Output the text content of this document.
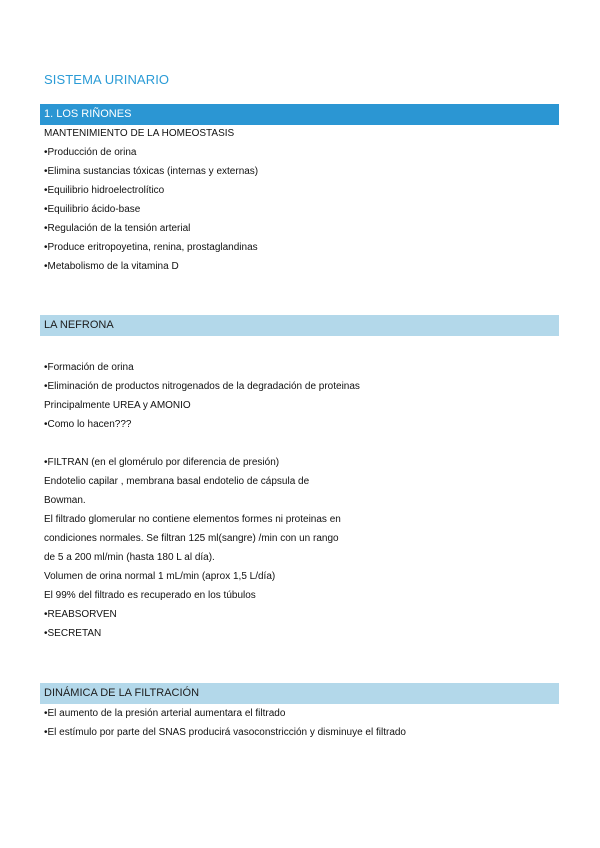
SISTEMA URINARIO
1. LOS RIÑONES
MANTENIMIENTO DE LA HOMEOSTASIS
•Producción de orina
•Elimina sustancias tóxicas (internas y externas)
•Equilibrio hidroelectrolítico
•Equilibrio ácido-base
•Regulación de la tensión arterial
•Produce eritropoyetina, renina, prostaglandinas
•Metabolismo de la vitamina D
LA NEFRONA
•Formación de orina
•Eliminación de productos nitrogenados de la degradación de proteinas
Principalmente UREA y AMONIO
•Como lo hacen???
•FILTRAN (en el glomérulo por diferencia de presión)
Endotelio capilar , membrana basal endotelio de cápsula de
Bowman.
El filtrado glomerular no contiene elementos formes ni proteinas en
condiciones normales. Se filtran 125 ml(sangre) /min con un rango
de 5 a 200 ml/min (hasta 180 L al día).
Volumen de orina normal 1 mL/min (aprox 1,5 L/día)
El 99% del filtrado es recuperado en los túbulos
•REABSORVEN
•SECRETAN
DINÁMICA DE LA FILTRACIÓN
•El aumento de la presión arterial aumentara el filtrado
•El estímulo por parte del SNAS producirá vasoconstricción y disminuye el filtrado
